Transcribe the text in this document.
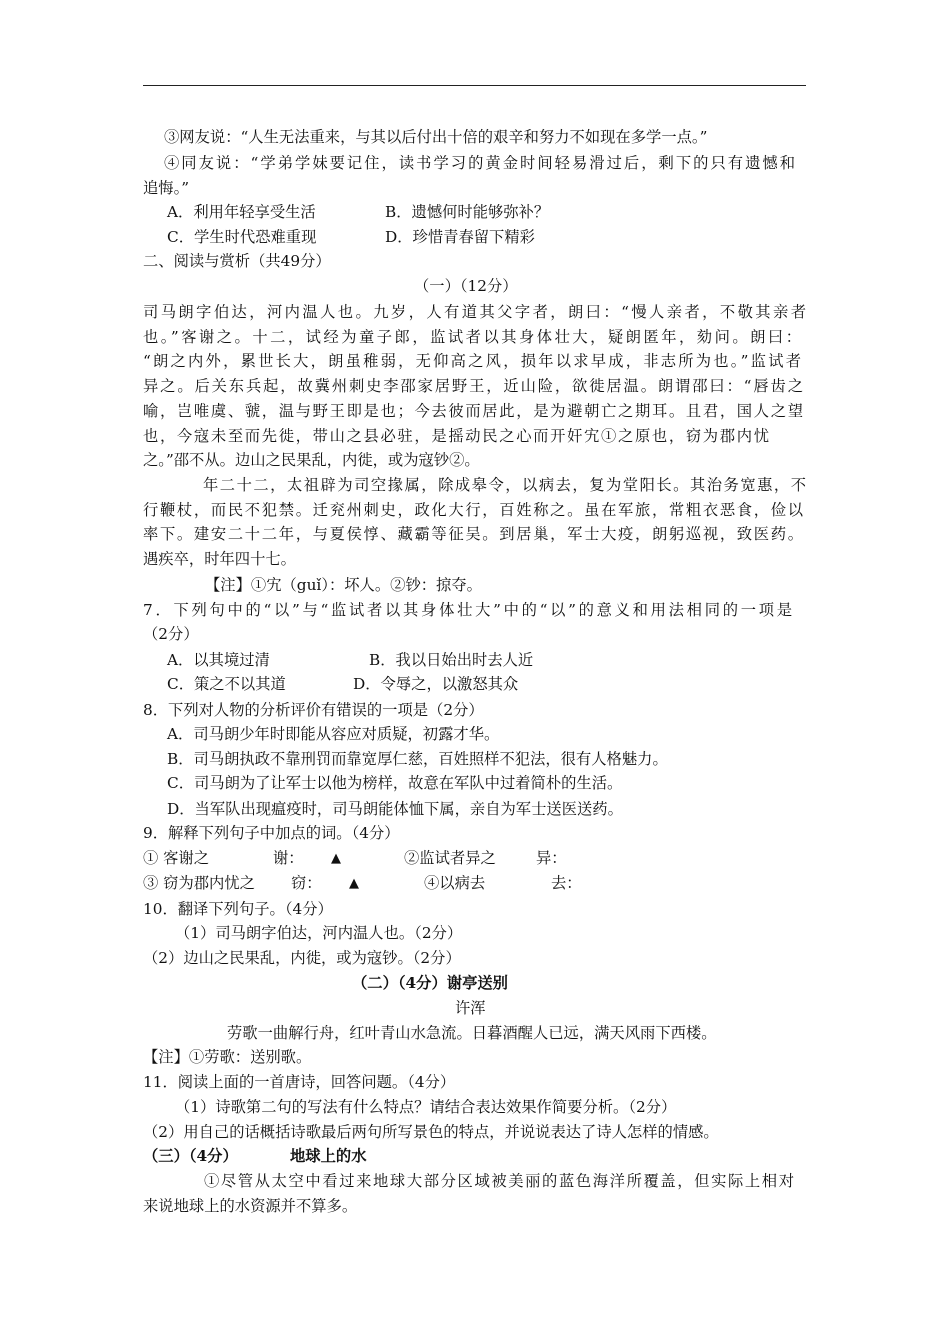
③网友说：“人生无法重来，与其以后付出十倍的艰辛和努力不如现在多学一点。”
④同友说：“学弟学妹要记住，读书学习的黄金时间轻易滑过后，剩下的只有遗憾和
追悔。”
A．利用年轻享受生活	B．遗憾何时能够弥补？
C．学生时代恐难重现	D．珍惜青春留下精彩
二、阅读与赏析（共49分）
（一）（12分）
司马朗字伯达，河内温人也。九岁，人有道其父字者，朗曰：“慢人亲者，不敬其亲者
也。”客谢之。十二，试经为童子郎，监试者以其身体壮大，疑朗匿年，劾问。朗曰：
“朗之内外，累世长大，朗虽稚弱，无仰高之风，损年以求早成，非志所为也。”监试者
异之。后关东兵起，故冀州刺史李邵家居野王，近山险，欲徙居温。朗谓邵曰：“唇齿之
喻，岂唯虞、虢，温与野王即是也；今去彼而居此，是为避朝亡之期耳。且君，国人之望
也，今寇未至而先徙，带山之县必驻，是摇动民之心而开奸宄①之原也，窃为郡内忧
之。”邵不从。边山之民果乱，内徙，或为寇钞②。
年二十二，太祖辟为司空掾属，除成皋令，以病去，复为堂阳长。其治务宽惠，不
行鞭杖，而民不犯禁。迁兖州刺史，政化大行，百姓称之。虽在军旅，常粗衣恶食，俭以
率下。建安二十二年，与夏侯惇、藏霸等征吴。到居巢，军士大疫，朗躬巡视，致医药。
遇疾卒，时年四十七。
【注】①宄（guǐ）：坏人。②钞：掠夺。
7．下列句中的“以”与“监试者以其身体壮大”中的“以”的意义和用法相同的一项是
（2分）
A．以其境过清	B．我以日始出时去人近
C．策之不以其道	D．令辱之，以激怒其众
8．下列对人物的分析评价有错误的一项是（2分）
A．司马朗少年时即能从容应对质疑，初露才华。
B．司马朗执政不靠刑罚而靠宽厚仁慈，百姓照样不犯法，很有人格魅力。
C．司马朗为了让军士以他为榜样，故意在军队中过着简朴的生活。
D．当军队出现瘟疫时，司马朗能体恤下属，亲自为军士送医送药。
9．解释下列句子中加点的词。（4分）
① 客谢之	谢： ▲	②监试者异之	异：
③ 窃为郡内忧之 窃： ▲	④以病去	去：
10．翻译下列句子。（4分）
（1）司马朗字伯达，河内温人也。（2分）
（2）边山之民果乱，内徙，或为寇钞。（2分）
（二）（4分）谢亭送别
许浑
劳歌一曲解行舟，红叶青山水急流。日暮酒醒人已远，满天风雨下西楼。
【注】①劳歌：送别歌。
11．阅读上面的一首唐诗，回答问题。（4分）
（1）诗歌第二句的写法有什么特点？请结合表达效果作简要分析。（2分）
（2）用自己的话概括诗歌最后两句所写景色的特点，并说说表达了诗人怎样的情感。
（三）（4分）	地球上的水
①尽管从太空中看过来地球大部分区域被美丽的蓝色海洋所覆盖，但实际上相对
来说地球上的水资源并不算多。
